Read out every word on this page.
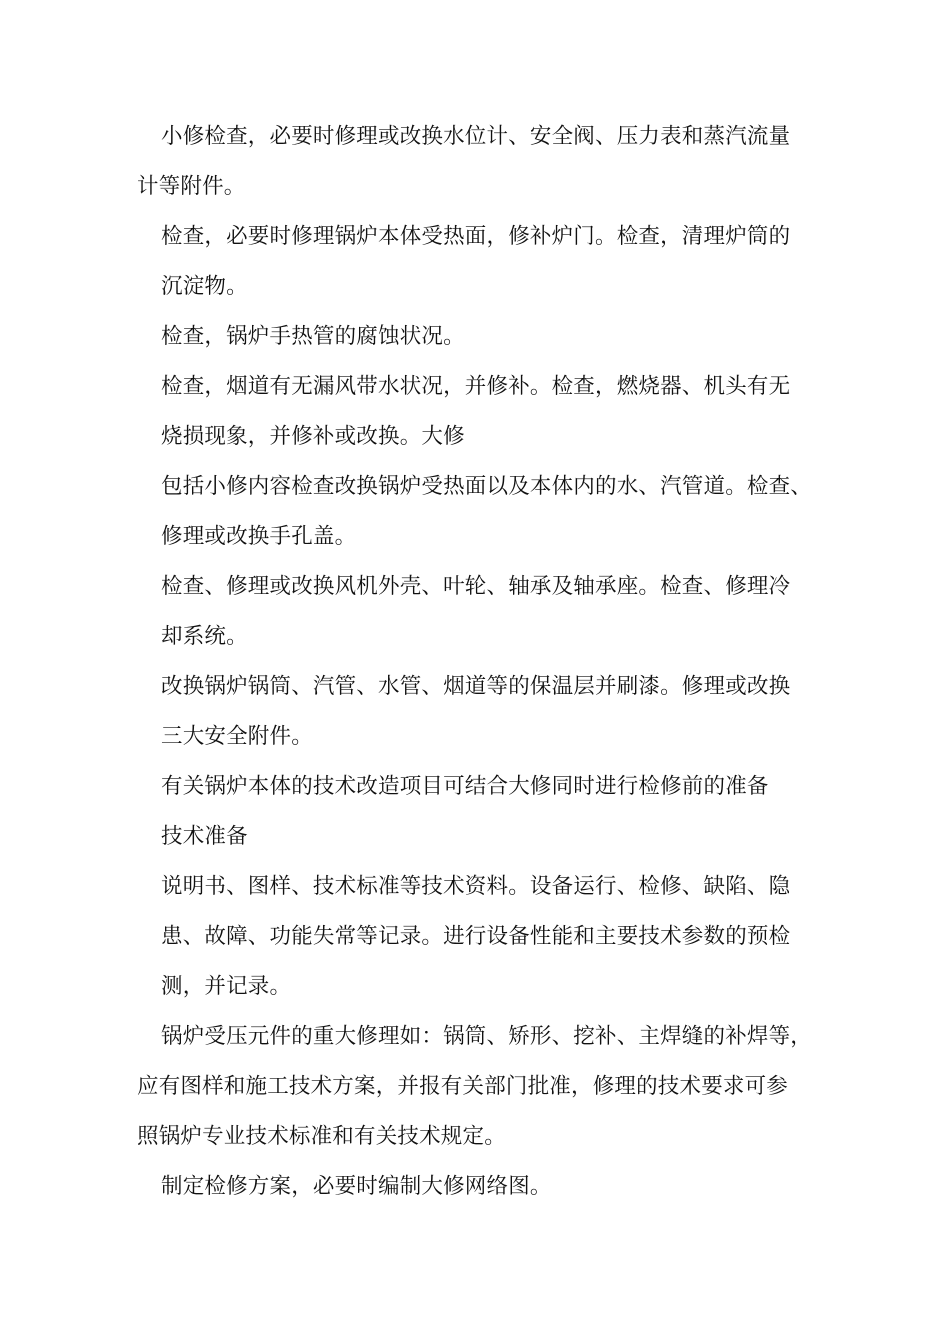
小修检查，必要时修理或改换水位计、安全阀、压力表和蒸汽流量
计等附件。
检查，必要时修理锅炉本体受热面，修补炉门。检查，清理炉筒的
沉淀物。
检查，锅炉手热管的腐蚀状况。
检查，烟道有无漏风带水状况，并修补。检查，燃烧器、机头有无
烧损现象，并修补或改换。大修
包括小修内容检查改换锅炉受热面以及本体内的水、汽管道。检查、
修理或改换手孔盖。
检查、修理或改换风机外壳、叶轮、轴承及轴承座。检查、修理冷
却系统。
改换锅炉锅筒、汽管、水管、烟道等的保温层并刷漆。修理或改换
三大安全附件。
有关锅炉本体的技术改造项目可结合大修同时进行检修前的准备
技术准备
说明书、图样、技术标准等技术资料。设备运行、检修、缺陷、隐
患、故障、功能失常等记录。进行设备性能和主要技术参数的预检
测，并记录。
锅炉受压元件的重大修理如：锅筒、矫形、挖补、主焊缝的补焊等，
应有图样和施工技术方案，并报有关部门批准，修理的技术要求可参
照锅炉专业技术标准和有关技术规定。
制定检修方案，必要时编制大修网络图。
